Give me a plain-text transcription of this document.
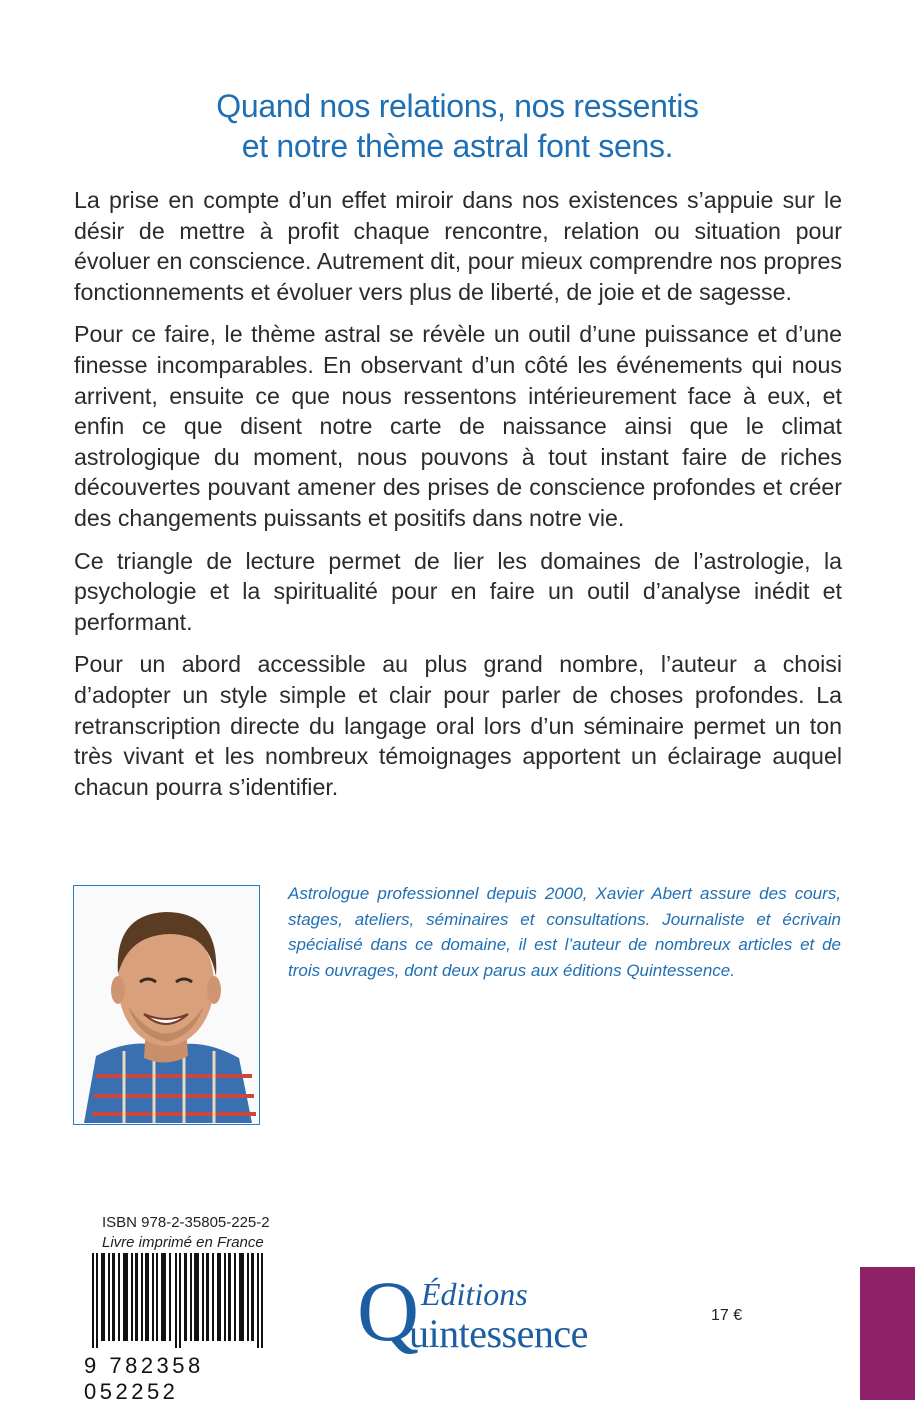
Quand nos relations, nos ressentis
et notre thème astral font sens.

La prise en compte d’un effet miroir dans nos existences s’appuie sur le désir de mettre à profit chaque rencontre, relation ou situation pour évoluer en conscience. Autrement dit, pour mieux comprendre nos propres fonctionnements et évoluer vers plus de liberté, de joie et de sagesse.

Pour ce faire, le thème astral se révèle un outil d’une puissance et d’une finesse incomparables. En observant d’un côté les événements qui nous arrivent, ensuite ce que nous ressentons intérieurement face à eux, et enfin ce que disent notre carte de naissance ainsi que le climat astrologique du moment, nous pouvons à tout instant faire de riches découvertes pouvant amener des prises de conscience profondes et créer des changements puissants et positifs dans notre vie.

Ce triangle de lecture permet de lier les domaines de l’astrologie, la psychologie et la spiritualité pour en faire un outil d’analyse inédit et performant.

Pour un abord accessible au plus grand nombre, l’auteur a choisi d’adopter un style simple et clair pour parler de choses profondes. La retranscription directe du langage oral lors d’un séminaire permet un ton très vivant et les nombreux témoignages apportent un éclairage auquel chacun pourra s’identifier.

Astrologue professionnel depuis 2000, Xavier Abert assure des cours, stages, ateliers, séminaires et consultations. Journaliste et écrivain spécialisé dans ce domaine, il est l’auteur de nombreux articles et de trois ouvrages, dont deux parus aux éditions Quintessence.
ISBN 978-2-35805-225-2
Livre imprimé en France
9 782358 052252
Q Éditions
uintessence	17 €
